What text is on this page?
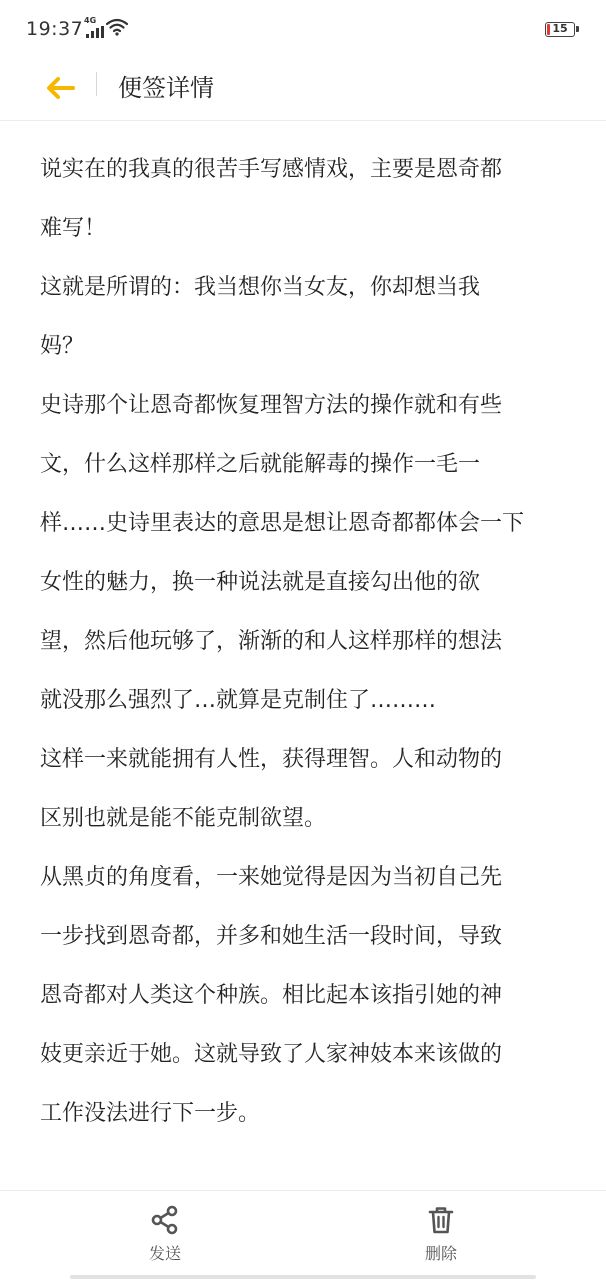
19:37 4G
15
便签详情
说实在的我真的很苦手写感情戏，主要是恩奇都
难写！
这就是所谓的：我当想你当女友，你却想当我
妈？
史诗那个让恩奇都恢复理智方法的操作就和有些
文，什么这样那样之后就能解毒的操作一毛一
样……史诗里表达的意思是想让恩奇都都体会一下
女性的魅力，换一种说法就是直接勾出他的欲
望，然后他玩够了，渐渐的和人这样那样的想法
就没那么强烈了…就算是克制住了………
这样一来就能拥有人性，获得理智。人和动物的
区别也就是能不能克制欲望。
从黑贞的角度看，一来她觉得是因为当初自己先
一步找到恩奇都，并多和她生活一段时间，导致
恩奇都对人类这个种族。相比起本该指引她的神
妓更亲近于她。这就导致了人家神妓本来该做的
工作没法进行下一步。
发送	删除
